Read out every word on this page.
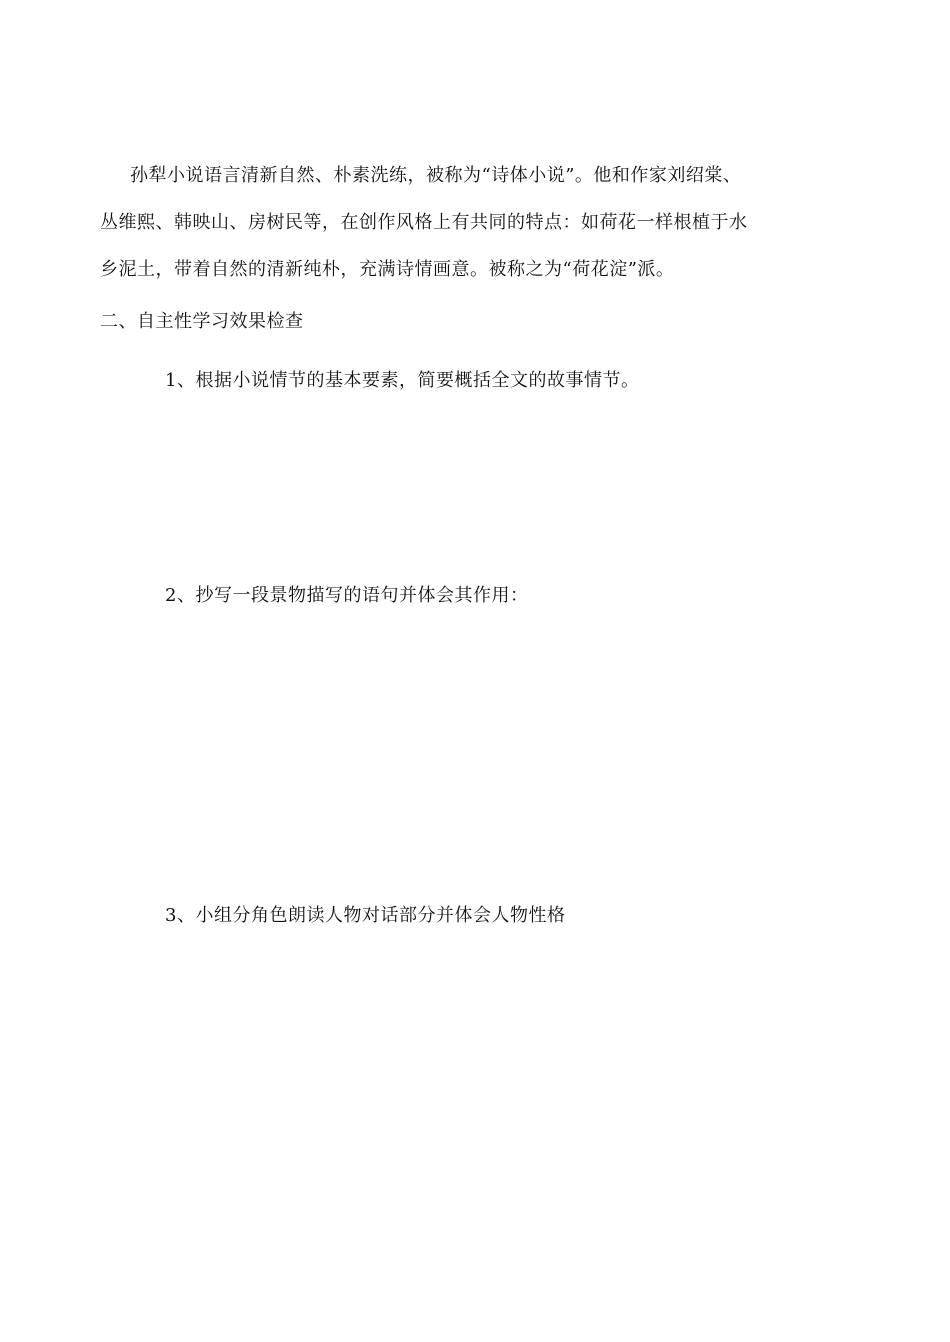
孙犁小说语言清新自然、朴素洗练，被称为“诗体小说”。他和作家刘绍棠、

丛维熙、韩映山、房树民等，在创作风格上有共同的特点：如荷花一样根植于水

乡泥土，带着自然的清新纯朴，充满诗情画意。被称之为“荷花淀”派。

二、自主性学习效果检查

1、根据小说情节的基本要素，简要概括全文的故事情节。

2、抄写一段景物描写的语句并体会其作用：

3、小组分角色朗读人物对话部分并体会人物性格
